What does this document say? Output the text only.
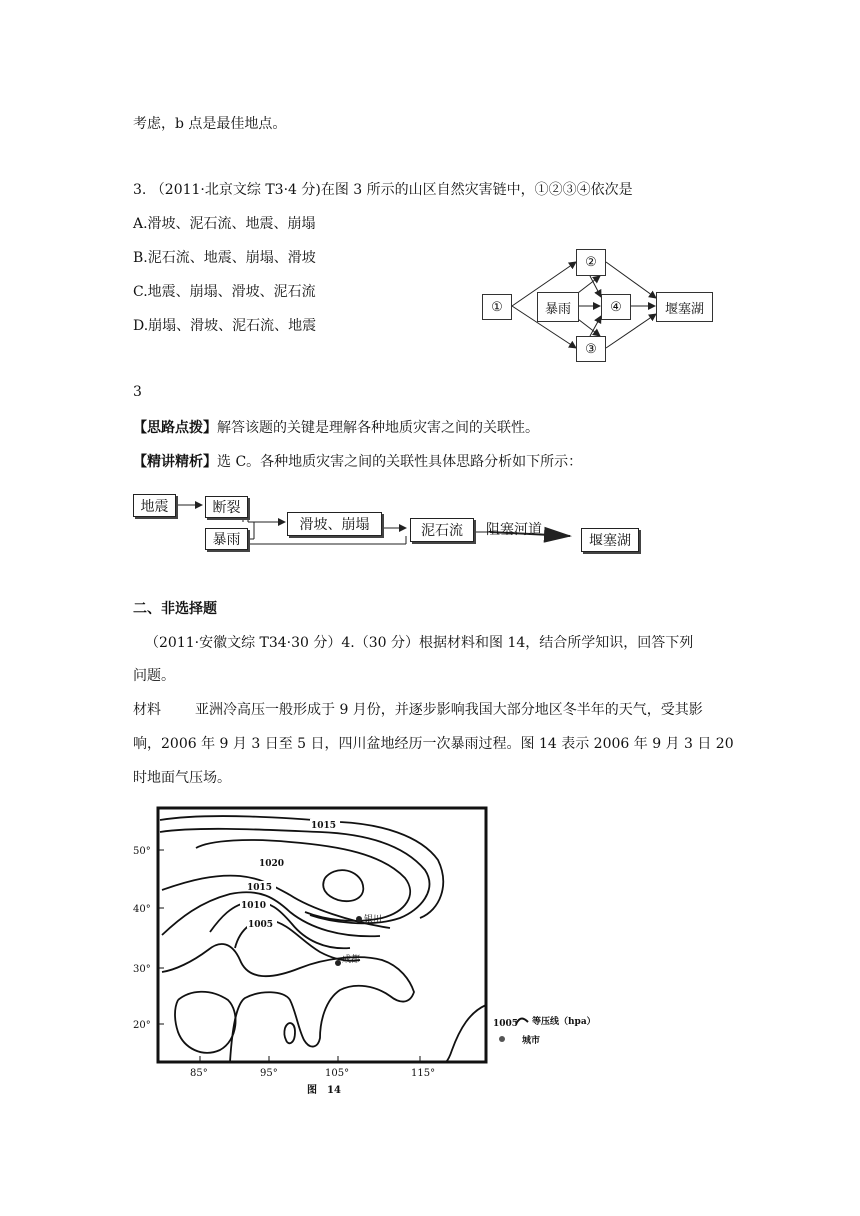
考虑，b 点是最佳地点。
3. （2011·北京文综 T3·4 分)在图 3 所示的山区自然灾害链中，①②③④依次是
A.滑坡、泥石流、地震、崩塌
B.泥石流、地震、崩塌、滑坡
C.地震、崩塌、滑坡、泥石流
D.崩塌、滑坡、泥石流、地震
①	暴雨
②
③
④	堰塞湖
3
【思路点拨】解答该题的关键是理解各种地质灾害之间的关联性。
【精讲精析】选 C。各种地质灾害之间的关联性具体思路分析如下所示：
地震	断裂
暴雨
滑坡、崩塌	泥石流	阻塞河道
堰塞湖
二、非选择题
（2011·安徽文综 T34·30 分）4.（30 分）根据材料和图 14，结合所学知识，回答下列
问题。
材料 亚洲冷高压一般形成于 9 月份，并逐步影响我国大部分地区冬半年的天气，受其影
响，2006 年 9 月 3 日至 5 日，四川盆地经历一次暴雨过程。图 14 表示 2006 年 9 月 3 日 20
时地面气压场。
50°
40°
30°
20°
85°	95°	105°	115°
1015
1020
1015
1010
1005	银川
成都
1005 等压线（hpa）
城市
图　14
